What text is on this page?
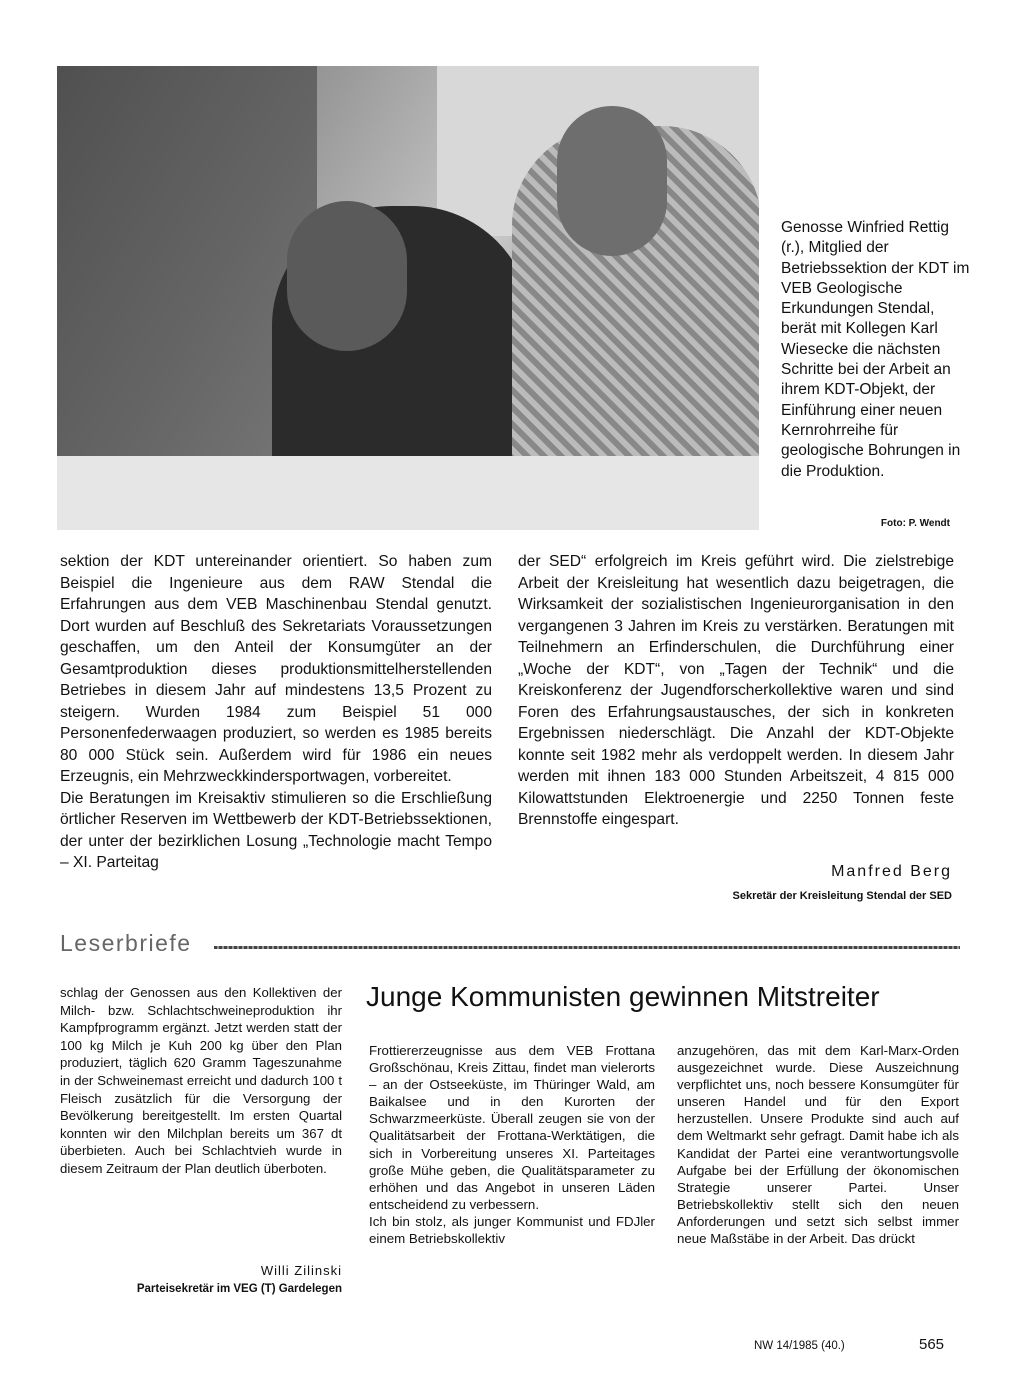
Genosse Winfried Rettig (r.), Mitglied der Betriebssektion der KDT im VEB Geologische Erkundungen Stendal, berät mit Kollegen Karl Wiesecke die nächsten Schritte bei der Arbeit an ihrem KDT-Objekt, der Einführung einer neuen Kernrohrreihe für geologische Bohrungen in die Produktion.
Foto: P. Wendt

sektion der KDT untereinander orientiert. So haben zum Beispiel die Ingenieure aus dem RAW Stendal die Erfahrungen aus dem VEB Maschinenbau Stendal genutzt. Dort wurden auf Beschluß des Sekretariats Voraussetzungen geschaffen, um den Anteil der Konsumgüter an der Gesamtproduktion dieses produktionsmittelherstellenden Betriebes in diesem Jahr auf mindestens 13,5 Prozent zu steigern. Wurden 1984 zum Beispiel 51 000 Personenfederwaagen produziert, so werden es 1985 bereits 80 000 Stück sein. Außerdem wird für 1986 ein neues Erzeugnis, ein Mehrzweckkindersportwagen, vorbereitet.

Die Beratungen im Kreisaktiv stimulieren so die Erschließung örtlicher Reserven im Wettbewerb der KDT-Betriebssektionen, der unter der bezirklichen Losung „Technologie macht Tempo – XI. Parteitag

der SED“ erfolgreich im Kreis geführt wird. Die zielstrebige Arbeit der Kreisleitung hat wesentlich dazu beigetragen, die Wirksamkeit der sozialistischen Ingenieurorganisation in den vergangenen 3 Jahren im Kreis zu verstärken. Beratungen mit Teilnehmern an Erfinderschulen, die Durchführung einer „Woche der KDT“, von „Tagen der Technik“ und die Kreiskonferenz der Jugendforscherkollektive waren und sind Foren des Erfahrungsaustausches, der sich in konkreten Ergebnissen niederschlägt. Die Anzahl der KDT-Objekte konnte seit 1982 mehr als verdoppelt werden. In diesem Jahr werden mit ihnen 183 000 Stunden Arbeitszeit, 4 815 000 Kilowattstunden Elektroenergie und 2250 Tonnen feste Brennstoffe eingespart.

Manfred Berg
Sekretär der Kreisleitung Stendal der SED
Leserbriefe

schlag der Genossen aus den Kollektiven der Milch- bzw. Schlachtschweineproduktion ihr Kampfprogramm ergänzt. Jetzt werden statt der 100 kg Milch je Kuh 200 kg über den Plan produziert, täglich 620 Gramm Tageszunahme in der Schweinemast erreicht und dadurch 100 t Fleisch zusätzlich für die Versorgung der Bevölkerung bereitgestellt. Im ersten Quartal konnten wir den Milchplan bereits um 367 dt überbieten. Auch bei Schlachtvieh wurde in diesem Zeitraum der Plan deutlich überboten.

Willi Zilinski
Parteisekretär im VEG (T) Gardelegen
Junge Kommunisten gewinnen Mitstreiter

Frottiererzeugnisse aus dem VEB Frottana Großschönau, Kreis Zittau, findet man vielerorts – an der Ostseeküste, im Thüringer Wald, am Baikalsee und in den Kurorten der Schwarzmeerküste. Überall zeugen sie von der Qualitätsarbeit der Frottana-Werktätigen, die sich in Vorbereitung unseres XI. Parteitages große Mühe geben, die Qualitätsparameter zu erhöhen und das Angebot in unseren Läden entscheidend zu verbessern.

Ich bin stolz, als junger Kommunist und FDJler einem Betriebskollektiv

anzugehören, das mit dem Karl-Marx-Orden ausgezeichnet wurde. Diese Auszeichnung verpflichtet uns, noch bessere Konsumgüter für unseren Handel und für den Export herzustellen. Unsere Produkte sind auch auf dem Weltmarkt sehr gefragt. Damit habe ich als Kandidat der Partei eine verantwortungsvolle Aufgabe bei der Erfüllung der ökonomischen Strategie unserer Partei. Unser Betriebskollektiv stellt sich den neuen Anforderungen und setzt sich selbst immer neue Maßstäbe in der Arbeit. Das drückt

NW 14/1985 (40.)	565
